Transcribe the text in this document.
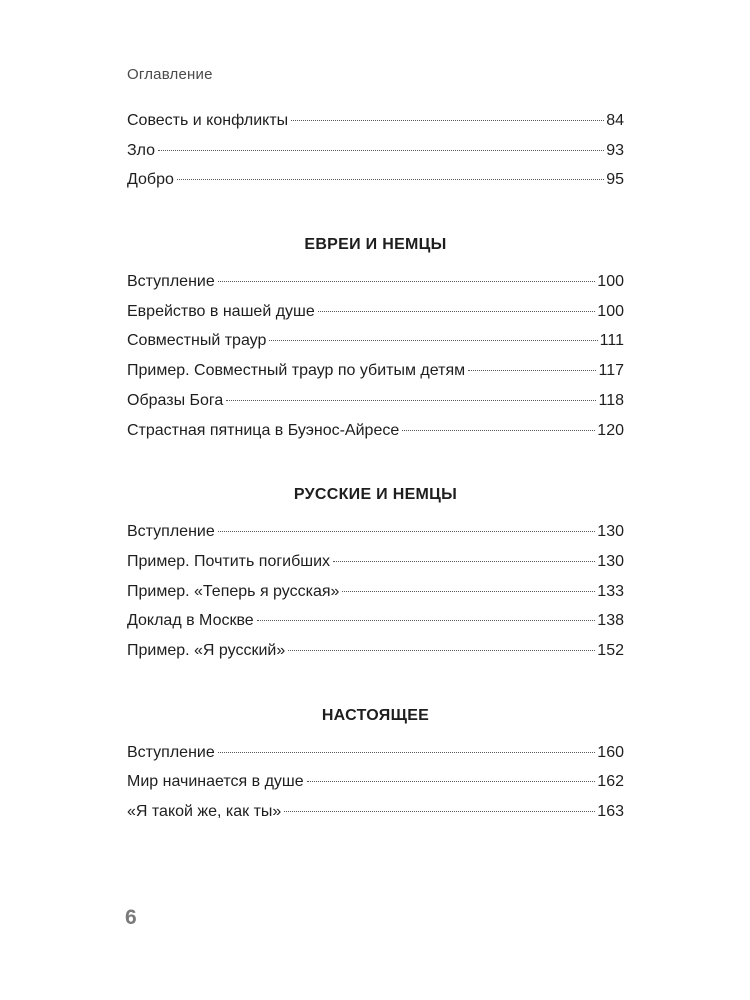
Оглавление
Совесть и конфликты	84
Зло	93
Добро	95
ЕВРЕИ И НЕМЦЫ
Вступление	100
Еврейство в нашей душе	100
Совместный траур	111
Пример. Совместный траур по убитым детям	117
Образы Бога	118
Страстная пятница в Буэнос-Айресе	120
РУССКИЕ И НЕМЦЫ
Вступление	130
Пример. Почтить погибших	130
Пример. «Теперь я русская»	133
Доклад в Москве	138
Пример. «Я русский»	152
НАСТОЯЩЕЕ
Вступление	160
Мир начинается в душе	162
«Я такой же, как ты»	163
6
